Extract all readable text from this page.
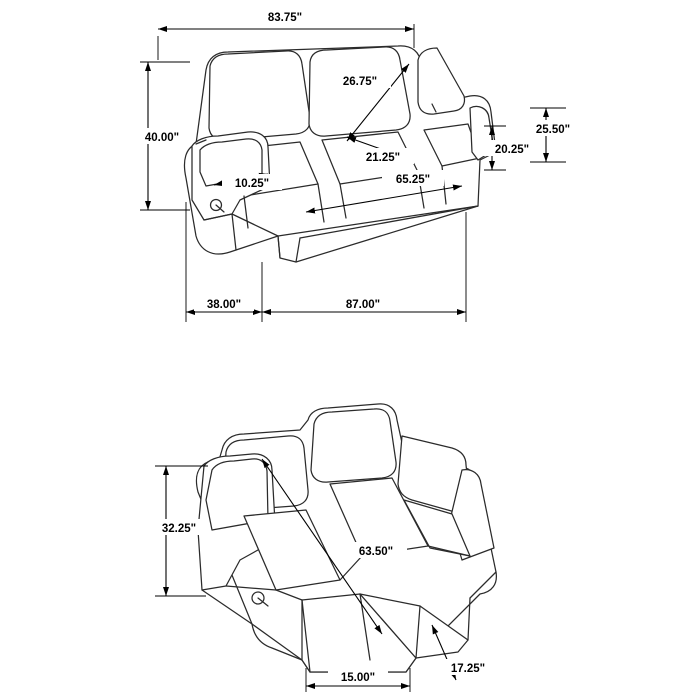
83.75"
26.75"
21.25"
40.00"
10.25"	65.25"
20.25"
25.50"
38.00"	87.00"
32.25"
63.50"
15.00"
17.25"
